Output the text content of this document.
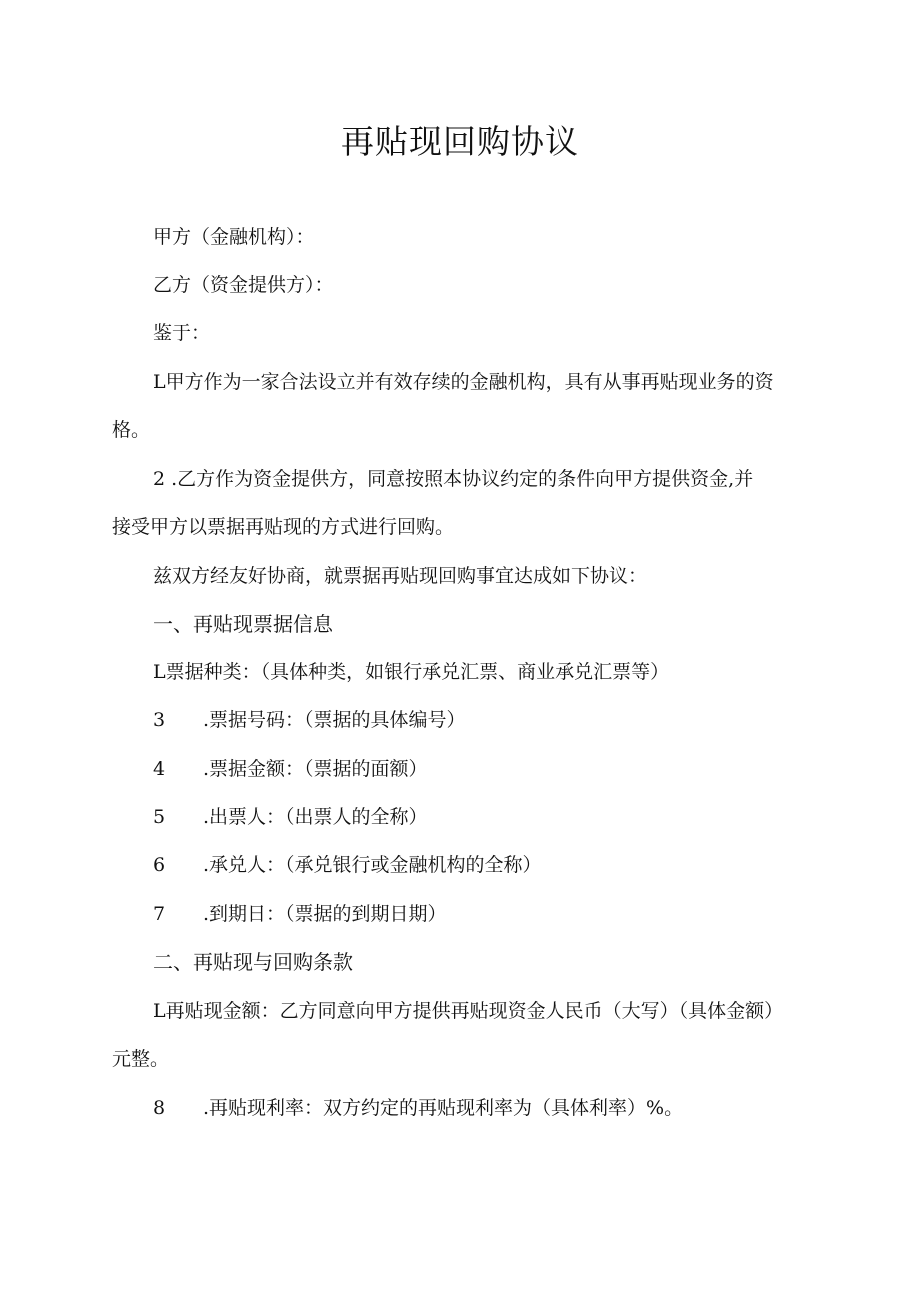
再贴现回购协议

甲方（金融机构）：

乙方（资金提供方）：

鉴于：

L甲方作为一家合法设立并有效存续的金融机构，具有从事再贴现业务的资

格。

2 .乙方作为资金提供方，同意按照本协议约定的条件向甲方提供资金,并

接受甲方以票据再贴现的方式进行回购。

兹双方经友好协商，就票据再贴现回购事宜达成如下协议：

一、再贴现票据信息

L票据种类：（具体种类，如银行承兑汇票、商业承兑汇票等）

3 .票据号码：（票据的具体编号）

4 .票据金额：（票据的面额）

5 .出票人：（出票人的全称）

6 .承兑人：（承兑银行或金融机构的全称）

7 .到期日：（票据的到期日期）

二、再贴现与回购条款

L再贴现金额：乙方同意向甲方提供再贴现资金人民币（大写）（具体金额）

元整。

8 .再贴现利率：双方约定的再贴现利率为（具体利率）%。
